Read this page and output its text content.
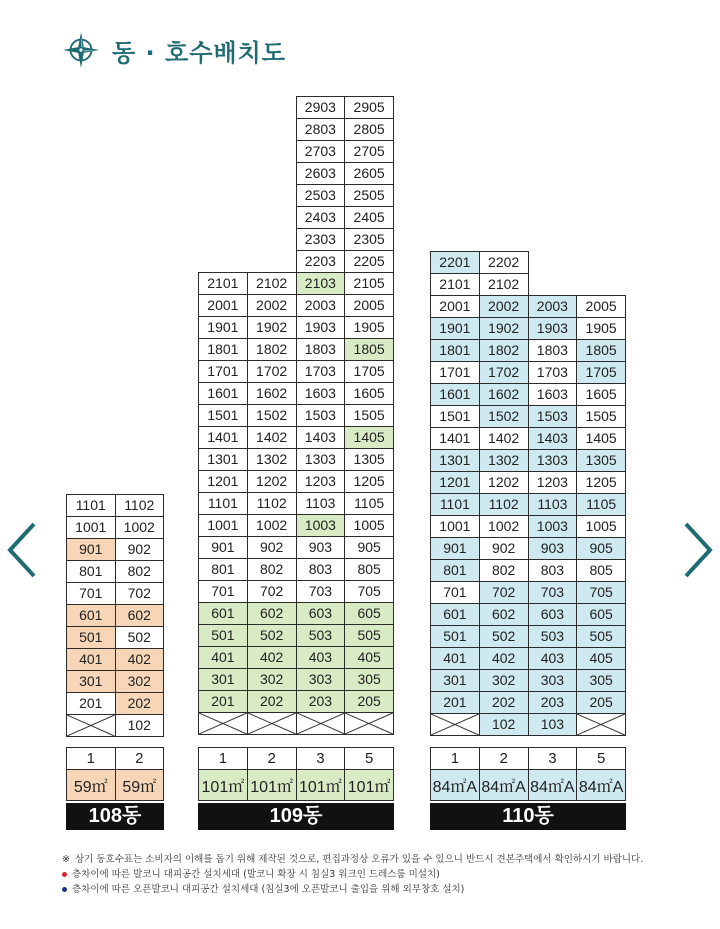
동 · 호수배치도
1101	1102
1001	1002
901	902
801	802
701	702
601	602
501	502
401	402
301	302
201	202

	102
1	2
59㎡	59㎡
108동
		2903	2905
		2803	2805
		2703	2705
		2603	2605
		2503	2505
		2403	2405
		2303	2305
		2203	2205
2101	2102	2103	2105
2001	2002	2003	2005
1901	1902	1903	1905
1801	1802	1803	1805
1701	1702	1703	1705
1601	1602	1603	1605
1501	1502	1503	1505
1401	1402	1403	1405
1301	1302	1303	1305
1201	1202	1203	1205
1101	1102	1103	1105
1001	1002	1003	1005
901	902	903	905
801	802	803	805
701	702	703	705
601	602	603	605
501	502	503	505
401	402	403	405
301	302	303	305
201	202	203	205

1	2	3	5
101㎡	101㎡	101㎡	101㎡
109동
2201	2202		
2101	2102		
2001	2002	2003	2005
1901	1902	1903	1905
1801	1802	1803	1805
1701	1702	1703	1705
1601	1602	1603	1605
1501	1502	1503	1505
1401	1402	1403	1405
1301	1302	1303	1305
1201	1202	1203	1205
1101	1102	1103	1105
1001	1002	1003	1005
901	902	903	905
801	802	803	805
701	702	703	705
601	602	603	605
501	502	503	505
401	402	403	405
301	302	303	305
201	202	203	205

	102	103	
1	2	3	5
84㎡A	84㎡A	84㎡A	84㎡A
110동
※ 상기 동호수표는 소비자의 이해를 돕기 위해 제작된 것으로, 편집과정상 오류가 있을 수 있으니 반드시 견본주택에서 확인하시기 바랍니다.
층차이에 따른 발코니 대피공간 설치세대 (발코니 확장 시 침실3 워크인 드레스룸 미설치)
층차이에 따른 오픈발코니 대피공간 설치세대 (침실3에 오픈발코니 출입을 위해 외부창호 설치)
